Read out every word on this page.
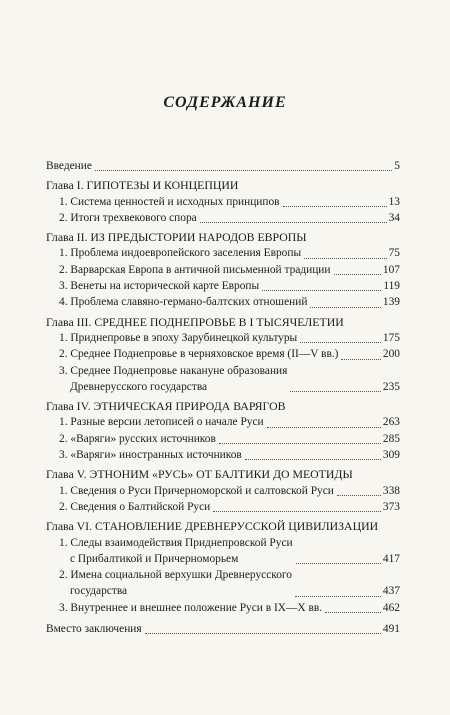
СОДЕРЖАНИЕ
Введение	5
Глава I. ГИПОТЕЗЫ И КОНЦЕПЦИИ
1. Система ценностей и исходных принципов	13
2. Итоги трехвекового спора	34
Глава II. ИЗ ПРЕДЫСТОРИИ НАРОДОВ ЕВРОПЫ
1. Проблема индоевропейского заселения Европы	75
2. Варварская Европа в античной письменной традиции	107
3. Венеты на исторической карте Европы	119
4. Проблема славяно-германо-балтских отношений	139
Глава III. СРЕДНЕЕ ПОДНЕПРОВЬЕ В I ТЫСЯЧЕЛЕТИИ
1. Приднепровье в эпоху Зарубинецкой культуры	175
2. Среднее Поднепровье в черняховское время (II—V вв.)	200
3. Среднее Поднепровье накануне образования
Древнерусского государства	235
Глава IV. ЭТНИЧЕСКАЯ ПРИРОДА ВАРЯГОВ
1. Разные версии летописей о начале Руси	263
2. «Варяги» русских источников	285
3. «Варяги» иностранных источников	309
Глава V. ЭТНОНИМ «РУСЬ» ОТ БАЛТИКИ ДО МЕОТИДЫ
1. Сведения о Руси Причерноморской и салтовской Руси	338
2. Сведения о Балтийской Руси	373
Глава VI. СТАНОВЛЕНИЕ ДРЕВНЕРУССКОЙ ЦИВИЛИЗАЦИИ
1. Следы взаимодействия Приднепровской Руси
с Прибалтикой и Причерноморьем	417
2. Имена социальной верхушки Древнерусского
государства	437
3. Внутреннее и внешнее положение Руси в IX—X вв.	462
Вместо заключения	491
